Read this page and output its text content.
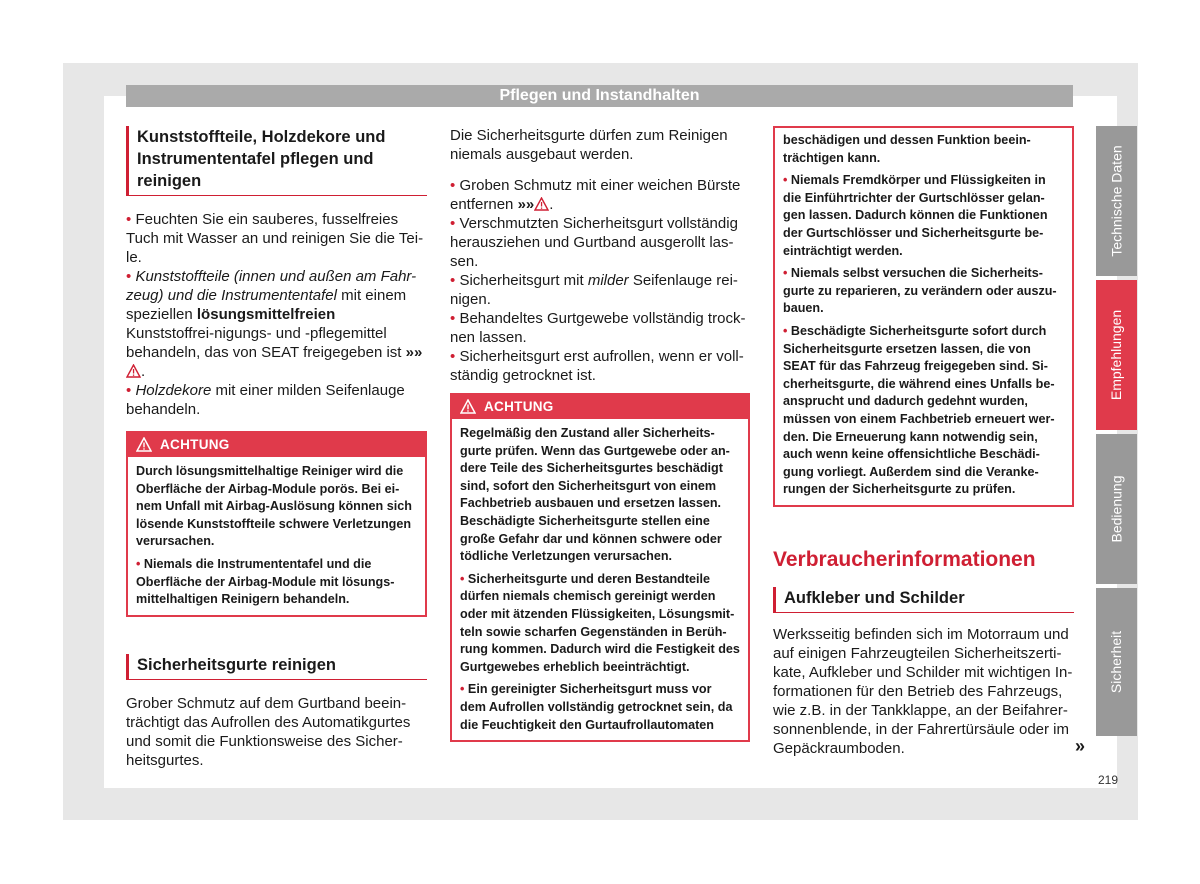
Pflegen und Instandhalten
Kunststoffteile, Holzdekore und Instrumententafel pflegen und reinigen

• Feuchten Sie ein sauberes, fusselfreies Tuch mit Wasser an und reinigen Sie die Tei-le.

• Kunststoffteile (innen und außen am Fahr-zeug) und die Instrumententafel mit einem speziellen lösungsmittelfreien Kunststoffrei-nigungs- und -pflegemittel behandeln, das von SEAT freigegeben ist »».

• Holzdekore mit einer milden Seifenlauge behandeln.

ACHTUNG

Durch lösungsmittelhaltige Reiniger wird die Oberfläche der Airbag-Module porös. Bei ei-nem Unfall mit Airbag-Auslösung können sich lösende Kunststoffteile schwere Verletzungen verursachen.

• Niemals die Instrumententafel und die Oberfläche der Airbag-Module mit lösungs-mittelhaltigen Reinigern behandeln.

Sicherheitsgurte reinigen

Grober Schmutz auf dem Gurtband beein-trächtigt das Aufrollen des Automatikgurtes und somit die Funktionsweise des Sicher-heitsgurtes.

Die Sicherheitsgurte dürfen zum Reinigen niemals ausgebaut werden.

• Groben Schmutz mit einer weichen Bürste entfernen »» .

• Verschmutzten Sicherheitsgurt vollständig herausziehen und Gurtband ausgerollt las-sen.

• Sicherheitsgurt mit milder Seifenlauge rei-nigen.

• Behandeltes Gurtgewebe vollständig trock-nen lassen.

• Sicherheitsgurt erst aufrollen, wenn er voll-ständig getrocknet ist.

ACHTUNG

Regelmäßig den Zustand aller Sicherheits-gurte prüfen. Wenn das Gurtgewebe oder an-dere Teile des Sicherheitsgurtes beschädigt sind, sofort den Sicherheitsgurt von einem Fachbetrieb ausbauen und ersetzen lassen. Beschädigte Sicherheitsgurte stellen eine große Gefahr dar und können schwere oder tödliche Verletzungen verursachen.

• Sicherheitsgurte und deren Bestandteile dürfen niemals chemisch gereinigt werden oder mit ätzenden Flüssigkeiten, Lösungsmit-teln sowie scharfen Gegenständen in Berüh-rung kommen. Dadurch wird die Festigkeit des Gurtgewebes erheblich beeinträchtigt.

• Ein gereinigter Sicherheitsgurt muss vor dem Aufrollen vollständig getrocknet sein, da die Feuchtigkeit den Gurtaufrollautomaten

beschädigen und dessen Funktion beein-trächtigen kann.

• Niemals Fremdkörper und Flüssigkeiten in die Einführtrichter der Gurtschlösser gelan-gen lassen. Dadurch können die Funktionen der Gurtschlösser und Sicherheitsgurte be-einträchtigt werden.

• Niemals selbst versuchen die Sicherheits-gurte zu reparieren, zu verändern oder auszu-bauen.

• Beschädigte Sicherheitsgurte sofort durch Sicherheitsgurte ersetzen lassen, die von SEAT für das Fahrzeug freigegeben sind. Si-cherheitsgurte, die während eines Unfalls be-ansprucht und dadurch gedehnt wurden, müssen von einem Fachbetrieb erneuert wer-den. Die Erneuerung kann notwendig sein, auch wenn keine offensichtliche Beschädi-gung vorliegt. Außerdem sind die Veranke-rungen der Sicherheitsgurte zu prüfen.

Verbraucherinformationen
Aufkleber und Schilder

Werksseitig befinden sich im Motorraum und auf einigen Fahrzeugteilen Sicherheitszerti-kate, Aufkleber und Schilder mit wichtigen In-formationen für den Betrieb des Fahrzeugs, wie z.B. in der Tankklappe, an der Beifahrer-sonnenblende, in der Fahrertürsäule oder im Gepäckraumboden.	»
Technische Daten
Empfehlungen
Bedienung
Sicherheit
219
